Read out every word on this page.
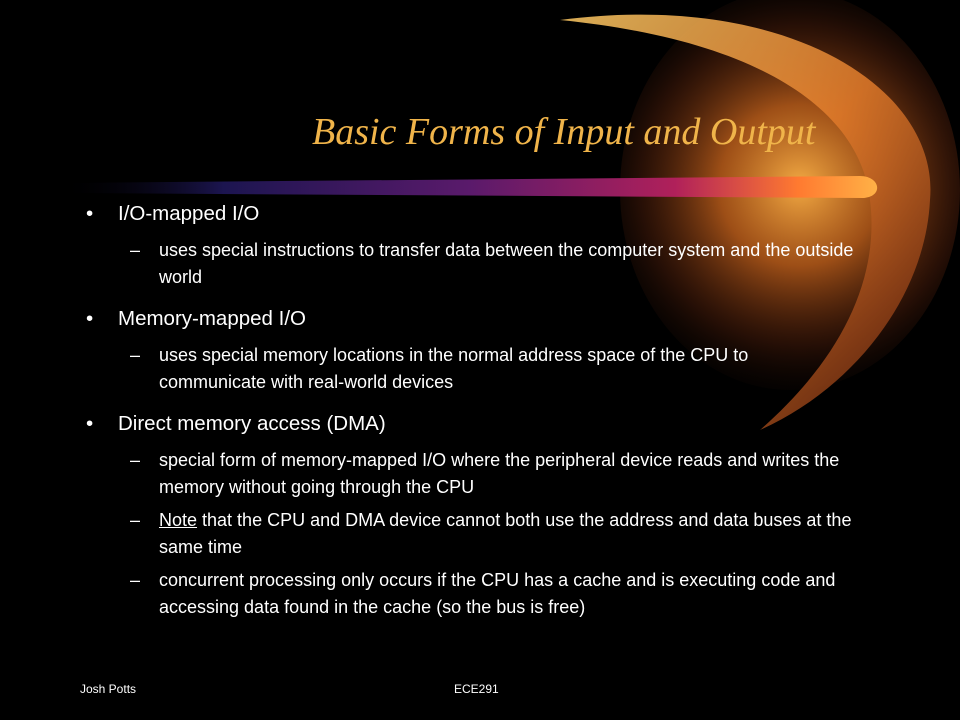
Basic Forms of Input and Output
• I/O-mapped I/O
– uses special instructions to transfer data between the computer system and the outside world
• Memory-mapped I/O
– uses special memory locations in the normal address space of the CPU to communicate with real-world devices
• Direct memory access (DMA)
– special form of memory-mapped I/O where the peripheral device reads and writes the memory without going through the CPU
– Note that the CPU and DMA device cannot both use the address and data buses at the same time
– concurrent processing only occurs if the CPU has a cache and is executing code and accessing data found in the cache (so the bus is free)
Josh Potts	ECE291
